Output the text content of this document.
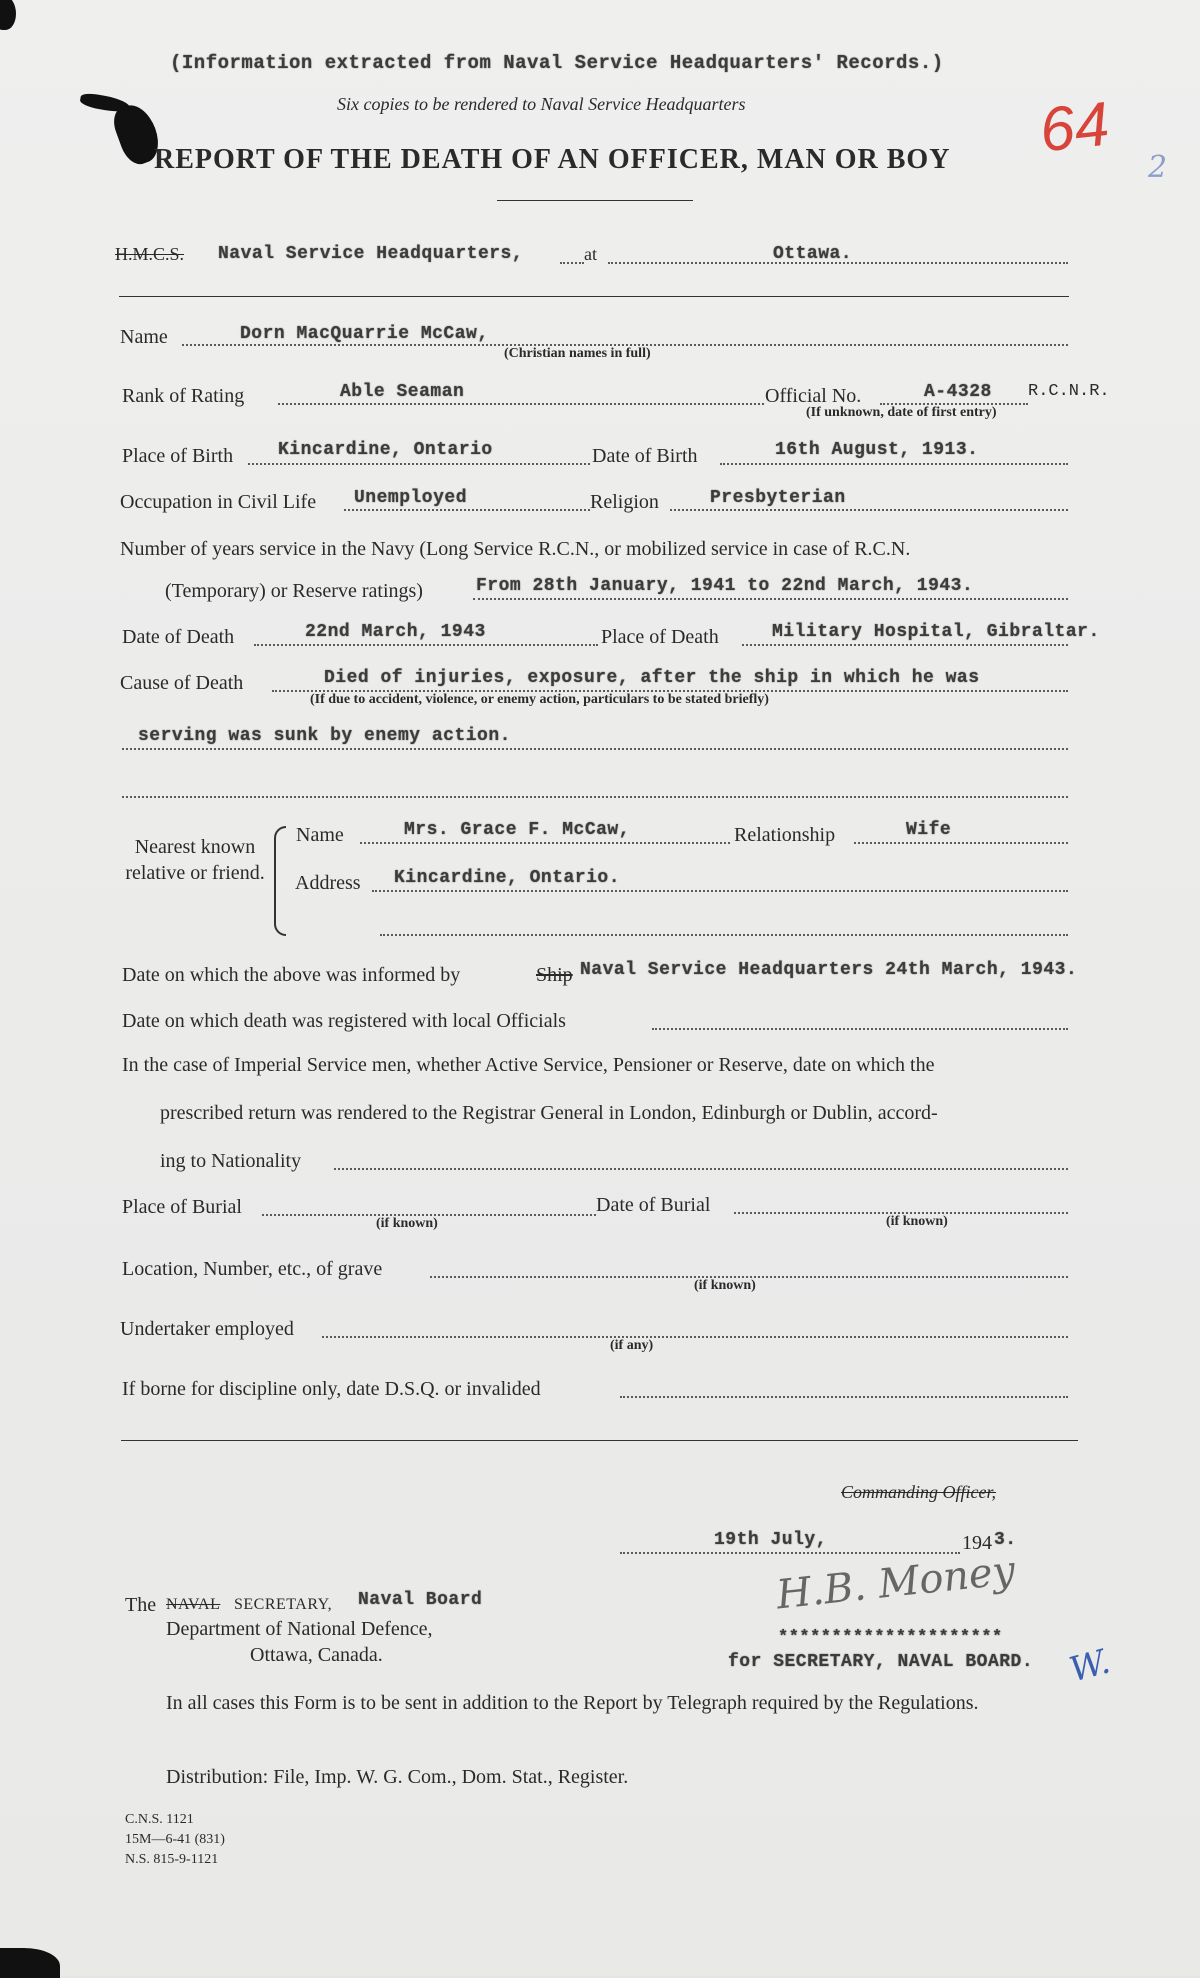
(Information extracted from Naval Service Headquarters' Records.)
Six copies to be rendered to Naval Service Headquarters
REPORT OF THE DEATH OF AN OFFICER, MAN OR BOY 64
2
H.M.C.S. Naval Service Headquarters,	at	Ottawa.
Name	Dorn MacQuarrie McCaw,
(Christian names in full)
Rank of Rating	Able Seaman	Official No.	A-4328 R.C.N.R.
(If unknown, date of first entry)
Place of Birth Kincardine, Ontario	Date of Birth	16th August, 1913.
Occupation in Civil Life Unemployed	Religion	Presbyterian
Number of years service in the Navy (Long Service R.C.N., or mobilized service in case of R.C.N.
(Temporary) or Reserve ratings)	From 28th January, 1941 to 22nd March, 1943.
Date of Death	22nd March, 1943	Place of Death	Military Hospital, Gibraltar.
Cause of Death	Died of injuries, exposure, after the ship in which he was
(If due to accident, violence, or enemy action, particulars to be stated briefly)
serving was sunk by enemy action.
Nearest known relative or friend.
Name	Mrs. Grace F. McCaw,	Relationship	Wife
Address Kincardine, Ontario.
Date on which the above was informed by	Ship Naval Service Headquarters 24th March, 1943.
Date on which death was registered with local Officials
In the case of Imperial Service men, whether Active Service, Pensioner or Reserve, date on which the
prescribed return was rendered to the Registrar General in London, Edinburgh or Dublin, accord-
ing to Nationality
Place of Burial
(if known)
Date of Burial
(if known)
Location, Number, etc., of grave
(if known)
Undertaker employed
(if any)
If borne for discipline only, date D.S.Q. or invalided
Commanding Officer,
19th July,	194 3.
H.B. Money
*********************
for SECRETARY, NAVAL BOARD. W.
The NAVAL SECRETARY, Naval Board
Department of National Defence,
Ottawa, Canada.
In all cases this Form is to be sent in addition to the Report by Telegraph required by the Regulations.
Distribution: File, Imp. W. G. Com., Dom. Stat., Register.
C.N.S. 1121
15M—6-41 (831)
N.S. 815-9-1121
